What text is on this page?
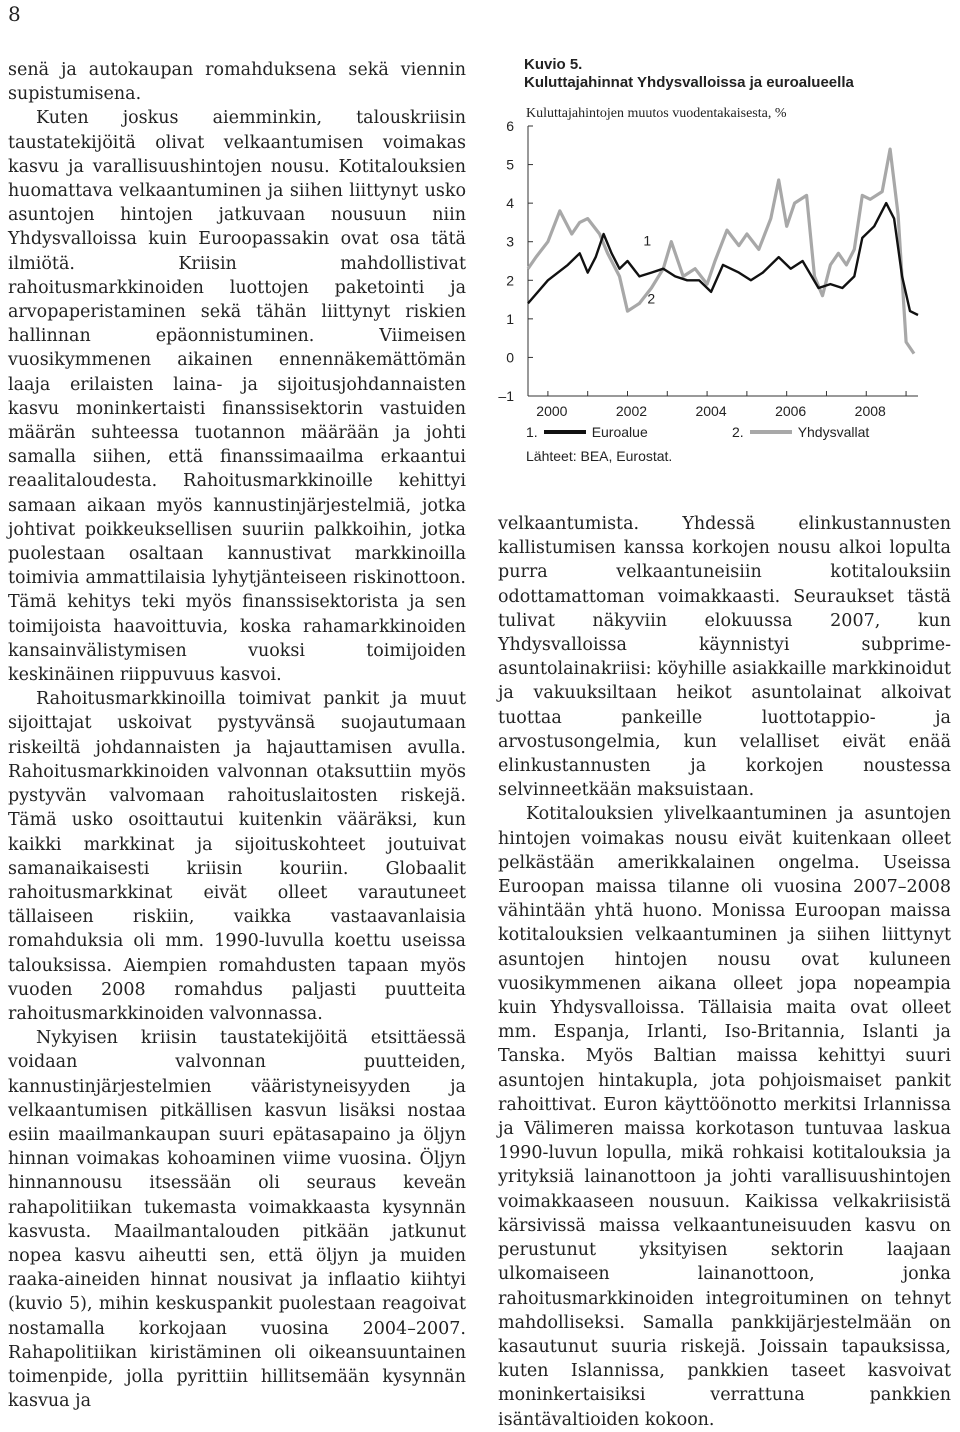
8

senä ja autokaupan romahduksena sekä viennin supistumisena.

Kuten joskus aiemminkin, talouskriisin taustatekijöitä olivat velkaantumisen voimakas kasvu ja varallisuushintojen nousu. Kotitalouksien huomattava velkaantuminen ja siihen liittynyt usko asuntojen hintojen jatkuvaan nousuun niin Yhdysvalloissa kuin Euroopassakin ovat osa tätä ilmiötä. Kriisin mahdollistivat rahoitusmarkkinoiden luottojen paketointi ja arvopaperistaminen sekä tähän liittynyt riskien hallinnan epäonnistuminen. Viimeisen vuosikymmenen aikainen ennennäkemättömän laaja erilaisten laina- ja sijoitusjohdannaisten kasvu moninkertaisti finanssisektorin vastuiden määrän suhteessa tuotannon määrään ja johti samalla siihen, että finanssimaailma erkaantui reaalitaloudesta. Rahoitusmarkkinoille kehittyi samaan aikaan myös kannustinjärjestelmiä, jotka johtivat poikkeuksellisen suuriin palkkoihin, jotka puolestaan osaltaan kannustivat markkinoilla toimivia ammattilaisia lyhytjänteiseen riskinottoon. Tämä kehitys teki myös finanssisektorista ja sen toimijoista haavoittuvia, koska rahamarkkinoiden kansainvälistymisen vuoksi toimijoiden keskinäinen riippuvuus kasvoi.

Rahoitusmarkkinoilla toimivat pankit ja muut sijoittajat uskoivat pystyvänsä suojautumaan riskeiltä johdannaisten ja hajauttamisen avulla. Rahoitusmarkkinoiden valvonnan otaksuttiin myös pystyvän valvomaan rahoituslaitosten riskejä. Tämä usko osoittautui kuitenkin vääräksi, kun kaikki markkinat ja sijoituskohteet joutuivat samanaikaisesti kriisin kouriin. Globaalit rahoitusmarkkinat eivät olleet varautuneet tällaiseen riskiin, vaikka vastaavanlaisia romahduksia oli mm. 1990-luvulla koettu useissa talouksissa. Aiempien romahdusten tapaan myös vuoden 2008 romahdus paljasti puutteita rahoitusmarkkinoiden valvonnassa.

Nykyisen kriisin taustatekijöitä etsittäessä voidaan valvonnan puutteiden, kannustinjärjestelmien vääristyneisyyden ja velkaantumisen pitkällisen kasvun lisäksi nostaa esiin maailmankaupan suuri epätasapaino ja öljyn hinnan voimakas kohoaminen viime vuosina. Öljyn hinnannousu itsessään oli seuraus keveän rahapolitiikan tukemasta voimakkaasta kysynnän kasvusta. Maailmantalouden pitkään jatkunut nopea kasvu aiheutti sen, että öljyn ja muiden raaka-aineiden hinnat nousivat ja inflaatio kiihtyi (kuvio 5), mihin keskuspankit puolestaan reagoivat nostamalla korkojaan vuosina 2004–2007. Rahapolitiikan kiristäminen oli oikeansuuntainen toimenpide, jolla pyrittiin hillitsemään kysynnän kasvua ja

velkaantumista. Yhdessä elinkustannusten kallistumisen kanssa korkojen nousu alkoi lopulta purra velkaantuneisiin kotitalouksiin odottamattoman voimakkaasti. Seuraukset tästä tulivat näkyviin elokuussa 2007, kun Yhdysvalloissa käynnistyi subprime-asuntolainakriisi: köyhille asiakkaille markkinoidut ja vakuuksiltaan heikot asuntolainat alkoivat tuottaa pankeille luottotappio- ja arvostusongelmia, kun velalliset eivät enää elinkustannusten ja korkojen noustessa selvinneetkään maksuistaan.

Kotitalouksien ylivelkaantuminen ja asuntojen hintojen voimakas nousu eivät kuitenkaan olleet pelkästään amerikkalainen ongelma. Useissa Euroopan maissa tilanne oli vuosina 2007–2008 vähintään yhtä huono. Monissa Euroopan maissa kotitalouksien velkaantuminen ja siihen liittynyt asuntojen hintojen nousu ovat kuluneen vuosikymmenen aikana olleet jopa nopeampia kuin Yhdysvalloissa. Tällaisia maita ovat olleet mm. Espanja, Irlanti, Iso-Britannia, Islanti ja Tanska. Myös Baltian maissa kehittyi suuri asuntojen hintakupla, jota pohjoismaiset pankit rahoittivat. Euron käyttöönotto merkitsi Irlannissa ja Välimeren maissa korkotason tuntuvaa laskua 1990-luvun lopulla, mikä rohkaisi kotitalouksia ja yrityksiä lainanottoon ja johti varallisuushintojen voimakkaaseen nousuun. Kaikissa velkakriisistä kärsivissä maissa velkaantuneisuuden kasvu on perustunut yksityisen sektorin laajaan ulkomaiseen lainanottoon, jonka rahoitusmarkkinoiden integroituminen on tehnyt mahdolliseksi. Samalla pankkijärjestelmään on kasautunut suuria riskejä. Joissain tapauksissa, kuten Islannissa, pankkien taseet kasvoivat moninkertaisiksi verrattuna pankkien isäntävaltioiden kokoon.

Kuvio 5.
Kuluttajahinnat Yhdysvalloissa ja euroalueella
Kuluttajahintojen muutos vuodentakaisesta, %
–1
0
1
2
3
4
5
6
2000	2002	2004	2006	2008
2
1
1.	Euroalue	2.	Yhdysvallat
Lähteet: BEA, Eurostat.
